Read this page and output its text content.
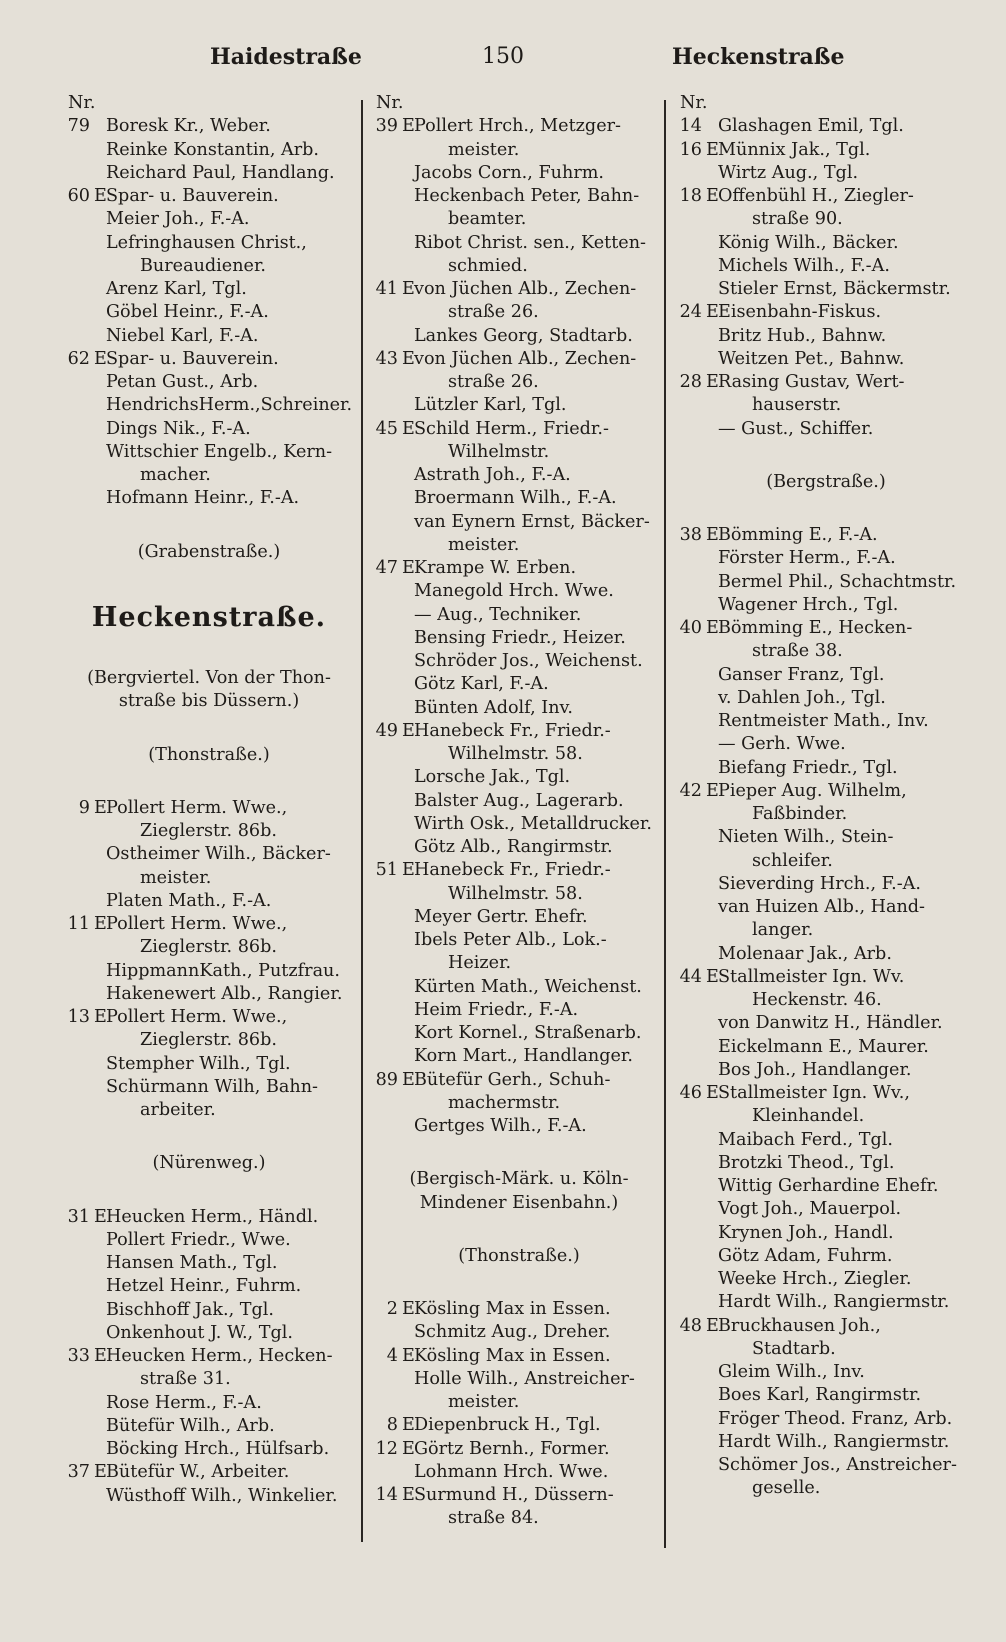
Haidestraße	150	Heckenstraße
Nr.
79 Boresk Kr., Weber.
Reinke Konstantin, Arb.
Reichard Paul, Handlang.
60 E Spar- u. Bauverein.
Meier Joh., F.-A.
Lefringhausen Christ.,
Bureaudiener.
Arenz Karl, Tgl.
Göbel Heinr., F.-A.
Niebel Karl, F.-A.
62 E Spar- u. Bauverein.
Petan Gust., Arb.
HendrichsHerm.,Schreiner.
Dings Nik., F.-A.
Wittschier Engelb., Kern-
macher.
Hofmann Heinr., F.-A.
(Grabenstraße.)
Heckenstraße.
(Bergviertel. Von der Thon-
straße bis Düssern.)
(Thonstraße.)
9 E Pollert Herm. Wwe.,
Zieglerstr. 86b.
Ostheimer Wilh., Bäcker-
meister.
Platen Math., F.-A.
11 E Pollert Herm. Wwe.,
Zieglerstr. 86b.
HippmannKath., Putzfrau.
Hakenewert Alb., Rangier.
13 E Pollert Herm. Wwe.,
Zieglerstr. 86b.
Stempher Wilh., Tgl.
Schürmann Wilh, Bahn-
arbeiter.
(Nürenweg.)
31 E Heucken Herm., Händl.
Pollert Friedr., Wwe.
Hansen Math., Tgl.
Hetzel Heinr., Fuhrm.
Bischhoff Jak., Tgl.
Onkenhout J. W., Tgl.
33 E Heucken Herm., Hecken-
straße 31.
Rose Herm., F.-A.
Bütefür Wilh., Arb.
Böcking Hrch., Hülfsarb.
37 E Bütefür W., Arbeiter.
Wüsthoff Wilh., Winkelier.
Nr.
39 E Pollert Hrch., Metzger-
meister.
Jacobs Corn., Fuhrm.
Heckenbach Peter, Bahn-
beamter.
Ribot Christ. sen., Ketten-
schmied.
41 E von Jüchen Alb., Zechen-
straße 26.
Lankes Georg, Stadtarb.
43 E von Jüchen Alb., Zechen-
straße 26.
Lützler Karl, Tgl.
45 E Schild Herm., Friedr.-
Wilhelmstr.
Astrath Joh., F.-A.
Broermann Wilh., F.-A.
van Eynern Ernst, Bäcker-
meister.
47 E Krampe W. Erben.
Manegold Hrch. Wwe.
— Aug., Techniker.
Bensing Friedr., Heizer.
Schröder Jos., Weichenst.
Götz Karl, F.-A.
Bünten Adolf, Inv.
49 E Hanebeck Fr., Friedr.-
Wilhelmstr. 58.
Lorsche Jak., Tgl.
Balster Aug., Lagerarb.
Wirth Osk., Metalldrucker.
Götz Alb., Rangirmstr.
51 E Hanebeck Fr., Friedr.-
Wilhelmstr. 58.
Meyer Gertr. Ehefr.
Ibels Peter Alb., Lok.-
Heizer.
Kürten Math., Weichenst.
Heim Friedr., F.-A.
Kort Kornel., Straßenarb.
Korn Mart., Handlanger.
89 E Bütefür Gerh., Schuh-
machermstr.
Gertges Wilh., F.-A.
(Bergisch-Märk. u. Köln-
Mindener Eisenbahn.)
(Thonstraße.)
2 E Kösling Max in Essen.
Schmitz Aug., Dreher.
4 E Kösling Max in Essen.
Holle Wilh., Anstreicher-
meister.
8 E Diepenbruck H., Tgl.
12 E Görtz Bernh., Former.
Lohmann Hrch. Wwe.
14 E Surmund H., Düssern-
straße 84.
Nr.
14 Glashagen Emil, Tgl.
16 E Münnix Jak., Tgl.
Wirtz Aug., Tgl.
18 E Offenbühl H., Ziegler-
straße 90.
König Wilh., Bäcker.
Michels Wilh., F.-A.
Stieler Ernst, Bäckermstr.
24 E Eisenbahn-Fiskus.
Britz Hub., Bahnw.
Weitzen Pet., Bahnw.
28 E Rasing Gustav, Wert-
hauserstr.
— Gust., Schiffer.
(Bergstraße.)
38 E Bömming E., F.-A.
Förster Herm., F.-A.
Bermel Phil., Schachtmstr.
Wagener Hrch., Tgl.
40 E Bömming E., Hecken-
straße 38.
Ganser Franz, Tgl.
v. Dahlen Joh., Tgl.
Rentmeister Math., Inv.
— Gerh. Wwe.
Biefang Friedr., Tgl.
42 E Pieper Aug. Wilhelm,
Faßbinder.
Nieten Wilh., Stein-
schleifer.
Sieverding Hrch., F.-A.
van Huizen Alb., Hand-
langer.
Molenaar Jak., Arb.
44 E Stallmeister Ign. Wv.
Heckenstr. 46.
von Danwitz H., Händler.
Eickelmann E., Maurer.
Bos Joh., Handlanger.
46 E Stallmeister Ign. Wv.,
Kleinhandel.
Maibach Ferd., Tgl.
Brotzki Theod., Tgl.
Wittig Gerhardine Ehefr.
Vogt Joh., Mauerpol.
Krynen Joh., Handl.
Götz Adam, Fuhrm.
Weeke Hrch., Ziegler.
Hardt Wilh., Rangiermstr.
48 E Bruckhausen Joh.,
Stadtarb.
Gleim Wilh., Inv.
Boes Karl, Rangirmstr.
Fröger Theod. Franz, Arb.
Hardt Wilh., Rangiermstr.
Schömer Jos., Anstreicher-
geselle.
